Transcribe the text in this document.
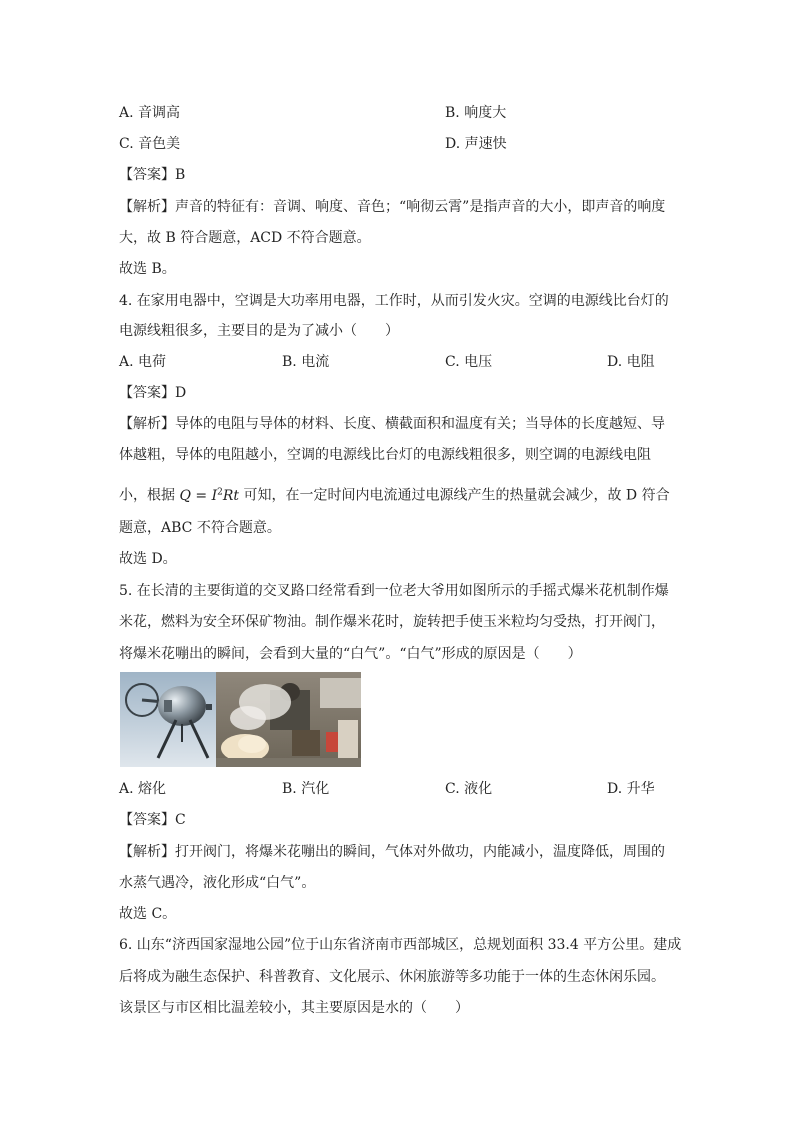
A. 音调高	B. 响度大
C. 音色美	D. 声速快
【答案】B
【解析】声音的特征有：音调、响度、音色；“响彻云霄”是指声音的大小，即声音的响度
大，故 B 符合题意，ACD 不符合题意。
故选 B。
4. 在家用电器中，空调是大功率用电器，工作时，从而引发火灾。空调的电源线比台灯的
电源线粗很多，主要目的是为了减小（　　）
A. 电荷	B. 电流	C. 电压	D. 电阻
【答案】D
【解析】导体的电阻与导体的材料、长度、横截面积和温度有关；当导体的长度越短、导
体越粗，导体的电阻越小，空调的电源线比台灯的电源线粗很多，则空调的电源线电阻
小，根据 $Q = I^2Rt$ 可知，在一定时间内电流通过电源线产生的热量就会减少，故 D 符合
题意，ABC 不符合题意。
故选 D。
5. 在长清的主要街道的交叉路口经常看到一位老大爷用如图所示的手摇式爆米花机制作爆
米花，燃料为安全环保矿物油。制作爆米花时，旋转把手使玉米粒均匀受热，打开阀门，
将爆米花嘣出的瞬间，会看到大量的“白气”。“白气”形成的原因是（　　）
A. 熔化	B. 汽化	C. 液化	D. 升华
【答案】C
【解析】打开阀门，将爆米花嘣出的瞬间，气体对外做功，内能减小，温度降低，周围的
水蒸气遇冷，液化形成“白气”。
故选 C。
6. 山东“济西国家湿地公园”位于山东省济南市西部城区，总规划面积 33.4 平方公里。建成
后将成为融生态保护、科普教育、文化展示、休闲旅游等多功能于一体的生态休闲乐园。
该景区与市区相比温差较小，其主要原因是水的（　　）
